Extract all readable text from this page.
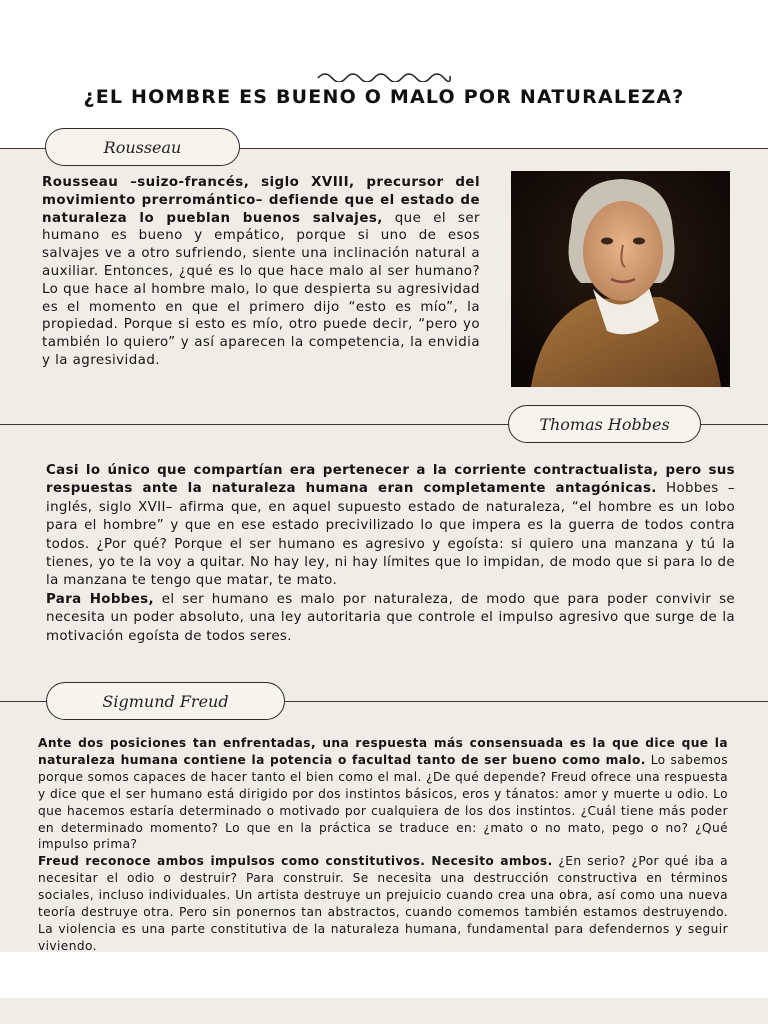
¿EL HOMBRE ES BUENO O MALO POR NATURALEZA?
Rousseau
Rousseau –suizo-francés, siglo XVIII, precursor del movimiento prerromántico– defiende que el estado de naturaleza lo pueblan buenos salvajes, que el ser humano es bueno y empático, porque si uno de esos salvajes ve a otro sufriendo, siente una inclinación natural a auxiliar. Entonces, ¿qué es lo que hace malo al ser humano? Lo que hace al hombre malo, lo que despierta su agresividad es el momento en que el primero dijo “esto es mío”, la propiedad. Porque si esto es mío, otro puede decir, “pero yo también lo quiero” y así aparecen la competencia, la envidia y la agresividad.
Thomas Hobbes
Casi lo único que compartían era pertenecer a la corriente contractualista, pero sus respuestas ante la naturaleza humana eran completamente antagónicas. Hobbes –inglés, siglo XVII– afirma que, en aquel supuesto estado de naturaleza, “el hombre es un lobo para el hombre” y que en ese estado precivilizado lo que impera es la guerra de todos contra todos. ¿Por qué? Porque el ser humano es agresivo y egoísta: si quiero una manzana y tú la tienes, yo te la voy a quitar. No hay ley, ni hay límites que lo impidan, de modo que si para lo de la manzana te tengo que matar, te mato.
Para Hobbes, el ser humano es malo por naturaleza, de modo que para poder convivir se necesita un poder absoluto, una ley autoritaria que controle el impulso agresivo que surge de la motivación egoísta de todos seres.
Sigmund Freud
Ante dos posiciones tan enfrentadas, una respuesta más consensuada es la que dice que la naturaleza humana contiene la potencia o facultad tanto de ser bueno como malo. Lo sabemos porque somos capaces de hacer tanto el bien como el mal. ¿De qué depende? Freud ofrece una respuesta y dice que el ser humano está dirigido por dos instintos básicos, eros y tánatos: amor y muerte u odio. Lo que hacemos estaría determinado o motivado por cualquiera de los dos instintos. ¿Cuál tiene más poder en determinado momento? Lo que en la práctica se traduce en: ¿mato o no mato, pego o no? ¿Qué impulso prima?
Freud reconoce ambos impulsos como constitutivos. Necesito ambos. ¿En serio? ¿Por qué iba a necesitar el odio o destruir? Para construir. Se necesita una destrucción constructiva en términos sociales, incluso individuales. Un artista destruye un prejuicio cuando crea una obra, así como una nueva teoría destruye otra. Pero sin ponernos tan abstractos, cuando comemos también estamos destruyendo. La violencia es una parte constitutiva de la naturaleza humana, fundamental para defendernos y seguir viviendo.
